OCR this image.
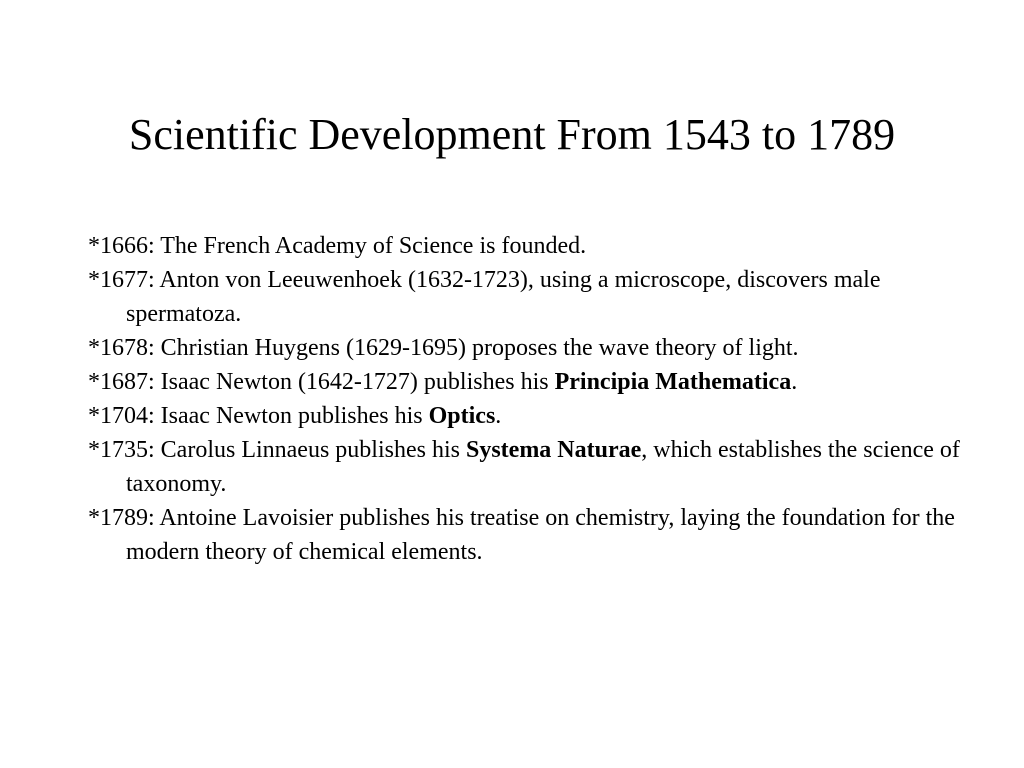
Scientific Development From 1543 to 1789
*1666: The French Academy of Science is founded.
*1677: Anton von Leeuwenhoek (1632-1723), using a microscope, discovers male spermatoza.
*1678: Christian Huygens (1629-1695) proposes the wave theory of light.
*1687: Isaac Newton (1642-1727) publishes his Principia Mathematica.
*1704: Isaac Newton publishes his Optics.
*1735: Carolus Linnaeus publishes his Systema Naturae, which establishes the science of taxonomy.
*1789: Antoine Lavoisier publishes his treatise on chemistry, laying the foundation for the modern theory of chemical elements.
